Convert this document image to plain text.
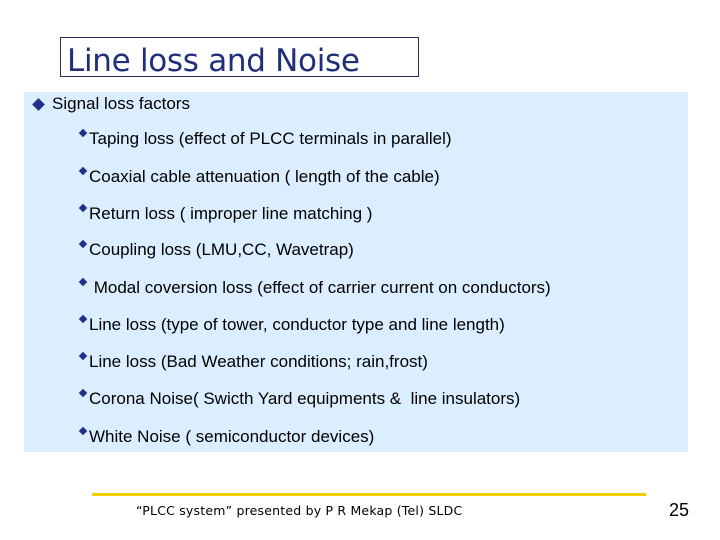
Line loss and Noise
Signal loss factors
Taping loss (effect of PLCC terminals in parallel)
Coaxial cable attenuation ( length of the cable)
Return loss ( improper line matching )
Coupling loss (LMU,CC, Wavetrap)
Modal coversion loss (effect of carrier current on conductors)
Line loss (type of tower, conductor type and line length)
Line loss (Bad Weather conditions; rain,frost)
Corona Noise( Swicth Yard equipments &  line insulators)
White Noise ( semiconductor devices)
“PLCC system” presented by P R Mekap (Tel) SLDC	25
